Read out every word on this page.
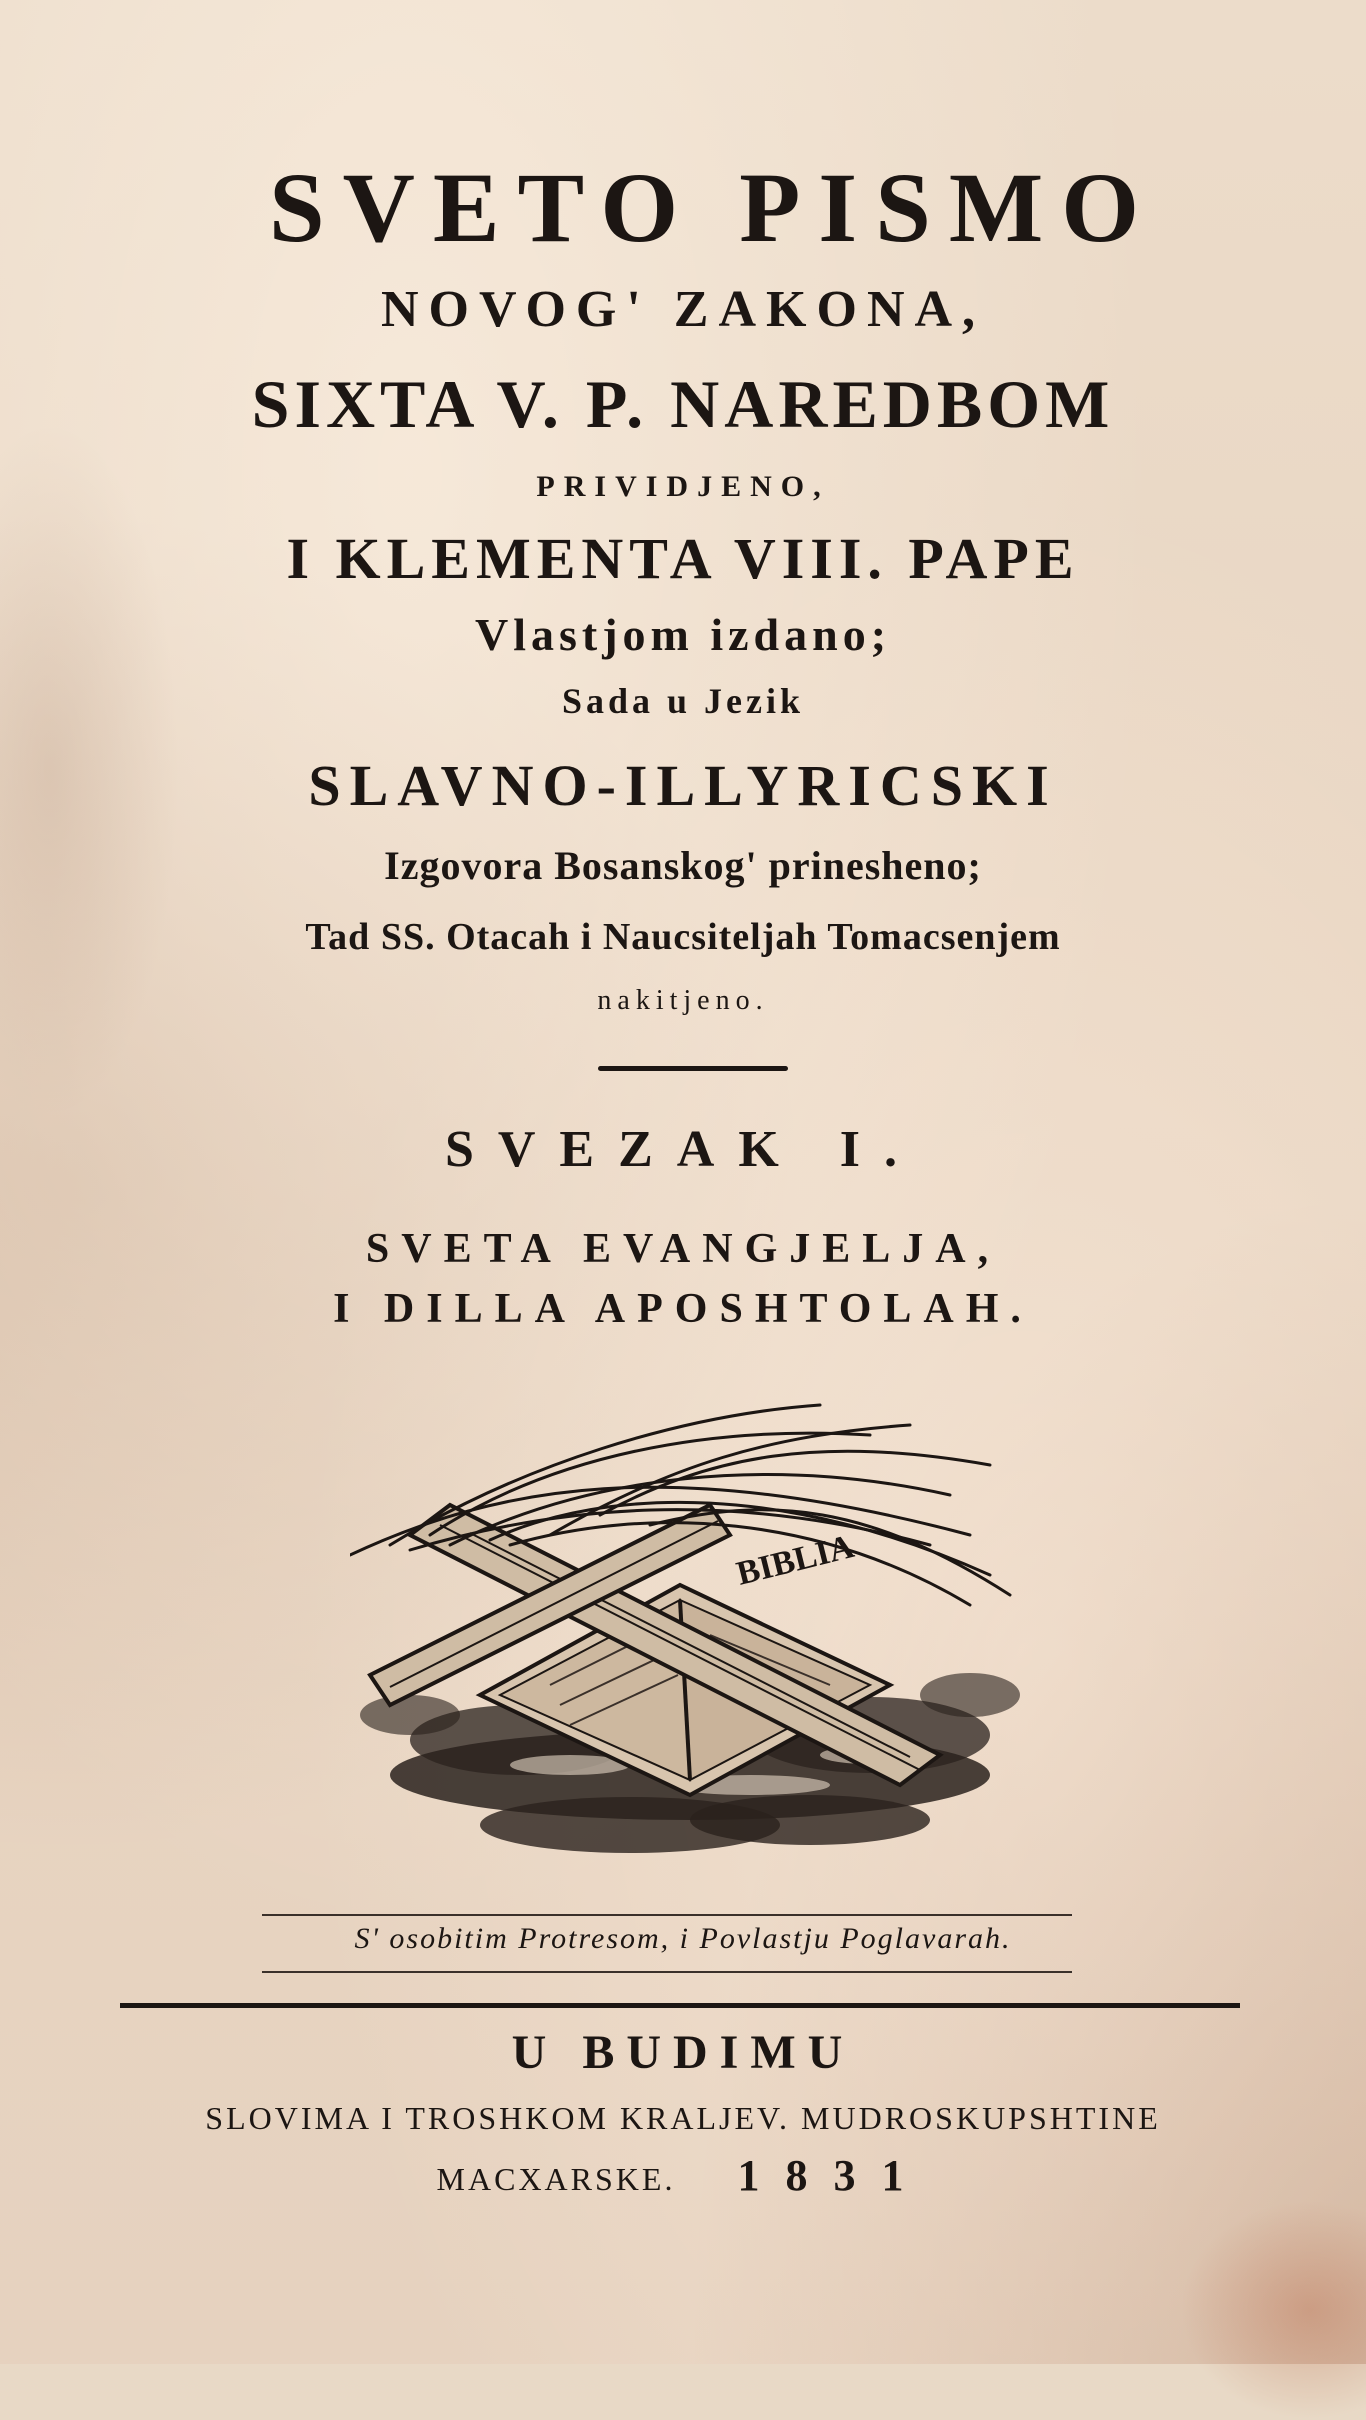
SVETO PISMO
NOVOG' ZAKONA,
SIXTA V. P. NAREDBOM
PRIVIDJENO,
I KLEMENTA VIII. PAPE
Vlastjom izdano;
Sada u Jezik
SLAVNO-ILLYRICSKI
Izgovora Bosanskog' prinesheno;
Tad SS. Otacah i Naucsiteljah Tomacsenjem
nakitjeno.
SVEZAK I.
SVETA EVANGJELJA,
I DILLA APOSHTOLAH.
BIBLIA
S' osobitim Protresom, i Povlastju Poglavarah.
U BUDIMU
SLOVIMA I TROSHKOM KRALJEV. MUDROSKUPSHTINE
MACXARSKE. 1831
